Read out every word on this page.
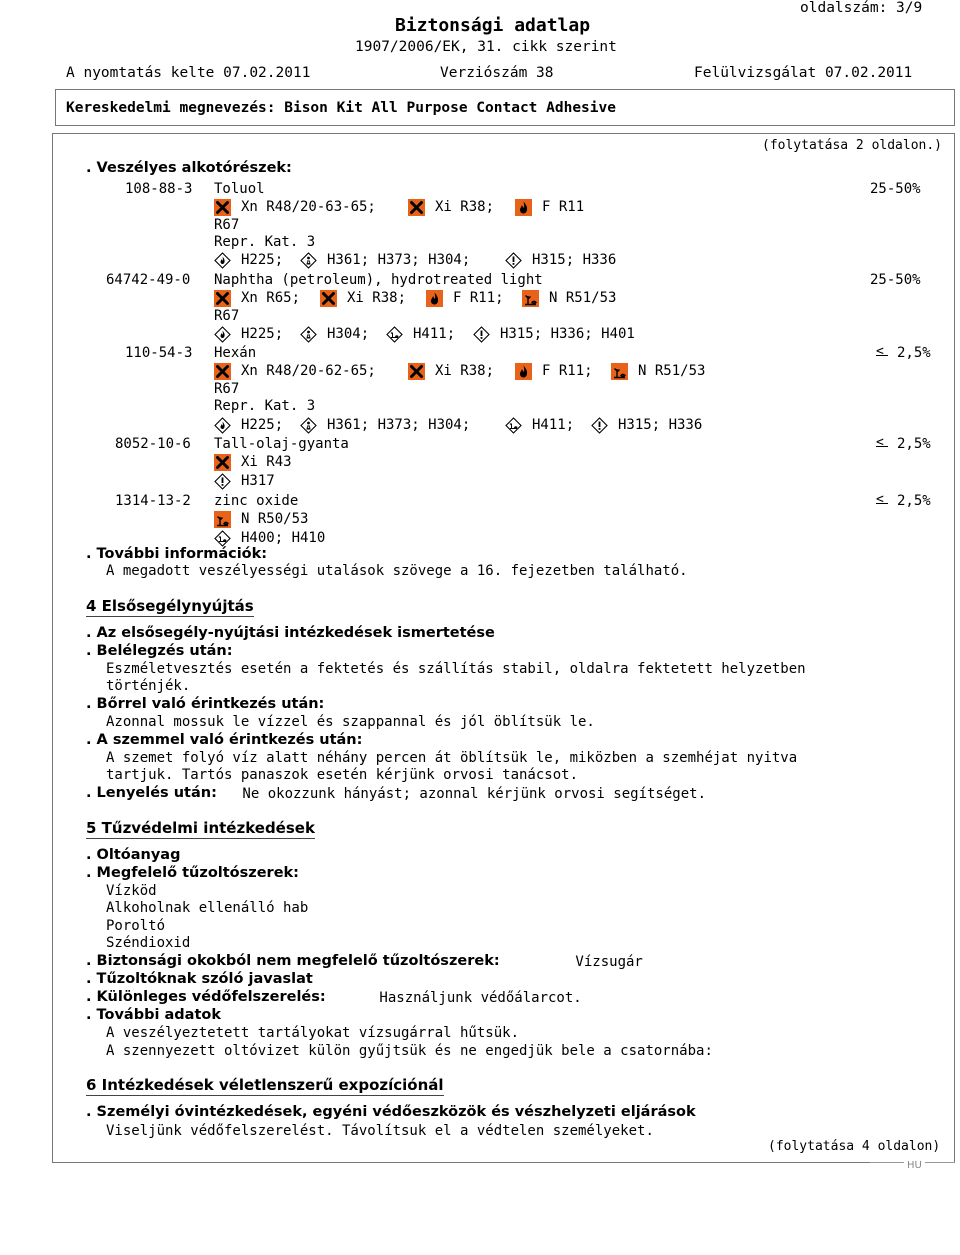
oldalszám: 3/9
Biztonsági adatlap
1907/2006/EK, 31. cikk szerint
A nyomtatás kelte 07.02.2011	Verziószám 38	Felülvizsgálat 07.02.2011
Kereskedelmi megnevezés: Bison Kit All Purpose Contact Adhesive
(folytatása 2 oldalon.)
. Veszélyes alkotórészek:
108-88-3 Toluol	25-50%
Xn R48/20-63-65;	Xi R38;	F R11
R67
Repr. Kat. 3
H225;	H361; H373; H304;	H315; H336
64742-49-0 Naphtha (petroleum), hydrotreated light	25-50%
Xn R65;	Xi R38;	F R11;	N R51/53
R67
H225;	H304;	H411;	H315; H336; H401
110-54-3 Hexán	< 2,5%
Xn R48/20-62-65;	Xi R38;	F R11;	N R51/53
R67
Repr. Kat. 3
H225;	H361; H373; H304;	H411;	H315; H336
8052-10-6 Tall-olaj-gyanta	< 2,5%
Xi R43
H317
1314-13-2 zinc oxide	< 2,5%
N R50/53
H400; H410
. További információk:
A megadott veszélyességi utalások szövege a 16. fejezetben található.
4 Elsősegélynyújtás
. Az elsősegély-nyújtási intézkedések ismertetése
. Belélegzés után:
Eszméletvesztés esetén a fektetés és szállítás stabil, oldalra fektetett helyzetben
történjék.
. Bőrrel való érintkezés után:
Azonnal mossuk le vízzel és szappannal és jól öblítsük le.
. A szemmel való érintkezés után:
A szemet folyó víz alatt néhány percen át öblítsük le, miközben a szemhéjat nyitva
tartjuk. Tartós panaszok esetén kérjünk orvosi tanácsot.
. Lenyelés után: Ne okozzunk hányást; azonnal kérjünk orvosi segítséget.
5 Tűzvédelmi intézkedések
. Oltóanyag
. Megfelelő tűzoltószerek:
Vízköd
Alkoholnak ellenálló hab
Poroltó
Széndioxid
. Biztonsági okokból nem megfelelő tűzoltószerek:	Vízsugár
. Tűzoltóknak szóló javaslat
. Különleges védőfelszerelés:	Használjunk védőálarcot.
. További adatok
A veszélyeztetett tartályokat vízsugárral hűtsük.
A szennyezett oltóvizet külön gyűjtsük és ne engedjük bele a csatornába:
6 Intézkedések véletlenszerű expozíciónál
. Személyi óvintézkedések, egyéni védőeszközök és vészhelyzeti eljárások
Viseljünk védőfelszerelést. Távolítsuk el a védtelen személyeket.
(folytatása 4 oldalon)
HU
